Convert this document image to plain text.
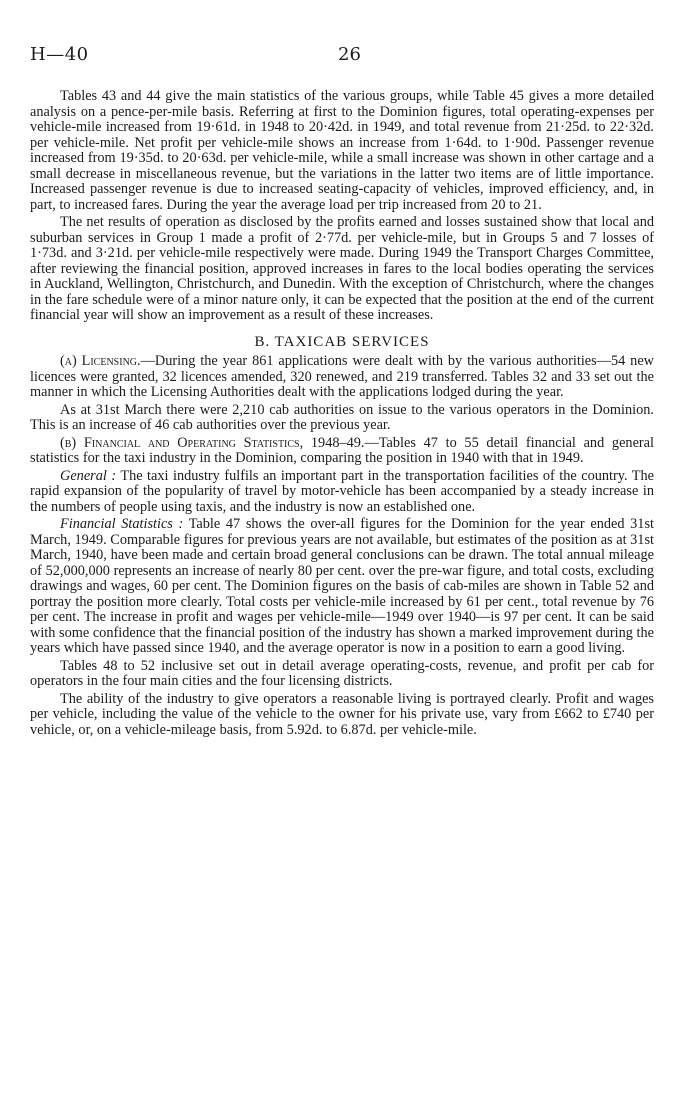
H—40	26

Tables 43 and 44 give the main statistics of the various groups, while Table 45 gives a more detailed analysis on a pence-per-mile basis. Referring at first to the Dominion figures, total operating-expenses per vehicle-mile increased from 19·61d. in 1948 to 20·42d. in 1949, and total revenue from 21·25d. to 22·32d. per vehicle-mile. Net profit per vehicle-mile shows an increase from 1·64d. to 1·90d. Passenger revenue increased from 19·35d. to 20·63d. per vehicle-mile, while a small increase was shown in other cartage and a small decrease in miscellaneous revenue, but the variations in the latter two items are of little importance. Increased passenger revenue is due to increased seating-capacity of vehicles, improved efficiency, and, in part, to increased fares. During the year the average load per trip increased from 20 to 21.

The net results of operation as disclosed by the profits earned and losses sustained show that local and suburban services in Group 1 made a profit of 2·77d. per vehicle-mile, but in Groups 5 and 7 losses of 1·73d. and 3·21d. per vehicle-mile respectively were made. During 1949 the Transport Charges Committee, after reviewing the financial position, approved increases in fares to the local bodies operating the services in Auckland, Wellington, Christchurch, and Dunedin. With the exception of Christchurch, where the changes in the fare schedule were of a minor nature only, it can be expected that the position at the end of the current financial year will show an improvement as a result of these increases.

B. TAXICAB SERVICES

(a) Licensing.—During the year 861 applications were dealt with by the various authorities—54 new licences were granted, 32 licences amended, 320 renewed, and 219 transferred. Tables 32 and 33 set out the manner in which the Licensing Authorities dealt with the applications lodged during the year.

As at 31st March there were 2,210 cab authorities on issue to the various operators in the Dominion. This is an increase of 46 cab authorities over the previous year.

(b) Financial and Operating Statistics, 1948–49.—Tables 47 to 55 detail financial and general statistics for the taxi industry in the Dominion, comparing the position in 1940 with that in 1949.

General : The taxi industry fulfils an important part in the transportation facilities of the country. The rapid expansion of the popularity of travel by motor-vehicle has been accompanied by a steady increase in the numbers of people using taxis, and the industry is now an established one.

Financial Statistics : Table 47 shows the over-all figures for the Dominion for the year ended 31st March, 1949. Comparable figures for previous years are not available, but estimates of the position as at 31st March, 1940, have been made and certain broad general conclusions can be drawn. The total annual mileage of 52,000,000 represents an increase of nearly 80 per cent. over the pre-war figure, and total costs, excluding drawings and wages, 60 per cent. The Dominion figures on the basis of cab-miles are shown in Table 52 and portray the position more clearly. Total costs per vehicle-mile increased by 61 per cent., total revenue by 76 per cent. The increase in profit and wages per vehicle-mile—1949 over 1940—is 97 per cent. It can be said with some confidence that the financial position of the industry has shown a marked improvement during the years which have passed since 1940, and the average operator is now in a position to earn a good living.

Tables 48 to 52 inclusive set out in detail average operating-costs, revenue, and profit per cab for operators in the four main cities and the four licensing districts.

The ability of the industry to give operators a reasonable living is portrayed clearly. Profit and wages per vehicle, including the value of the vehicle to the owner for his private use, vary from £662 to £740 per vehicle, or, on a vehicle-mileage basis, from 5.92d. to 6.87d. per vehicle-mile.
